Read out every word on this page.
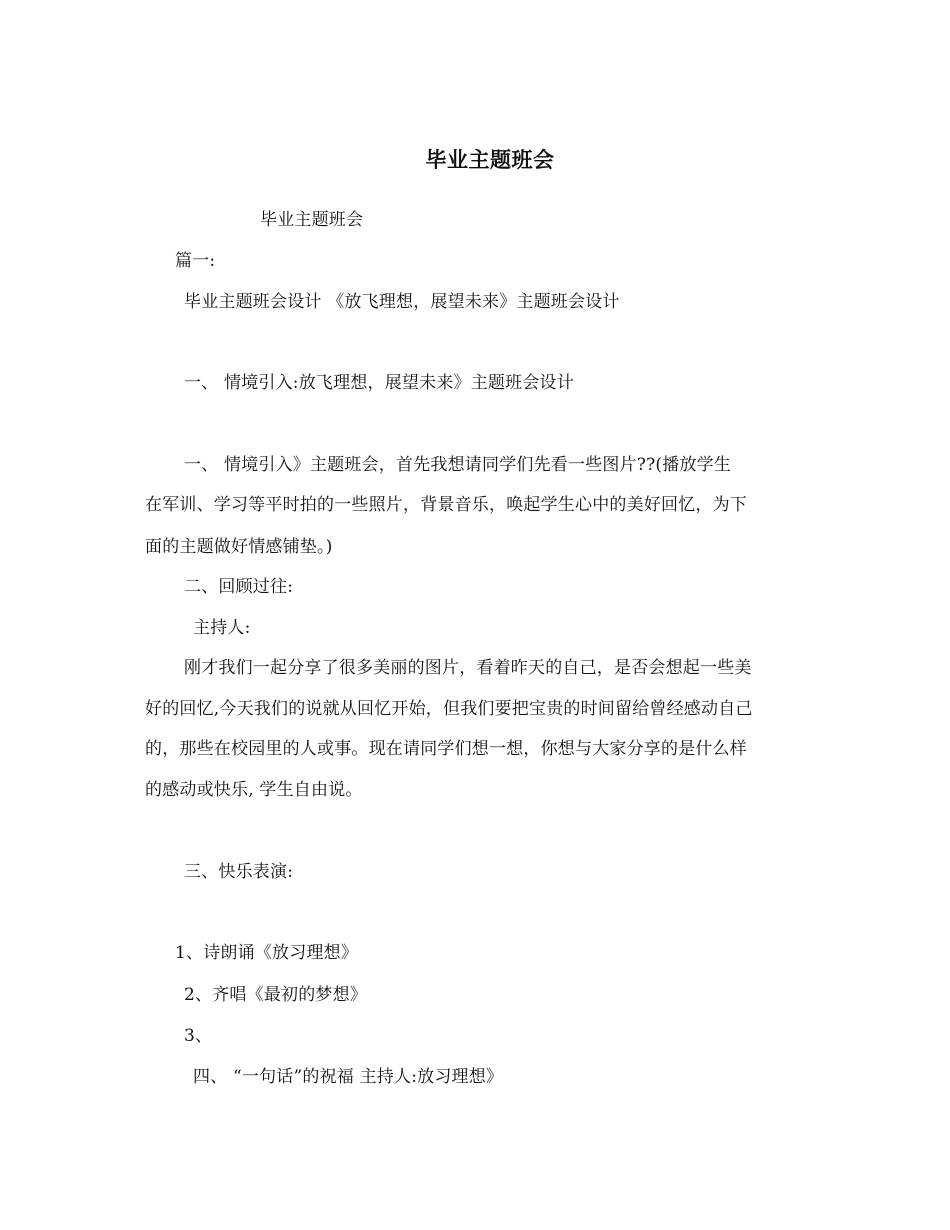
毕业主题班会
毕业主题班会
篇一:
毕业主题班会设计 《放飞理想，展望未来》主题班会设计
一、 情境引入:放飞理想，展望未来》主题班会设计
一、 情境引入》主题班会，首先我想请同学们先看一些图片??(播放学生
在军训、学习等平时拍的一些照片，背景音乐，唤起学生心中的美好回忆，为下
面的主题做好情感铺垫。)
二、回顾过往:
主持人:
刚才我们一起分享了很多美丽的图片，看着昨天的自己，是否会想起一些美
好的回忆,今天我们的说就从回忆开始，但我们要把宝贵的时间留给曾经感动自己
的，那些在校园里的人或事。现在请同学们想一想，你想与大家分享的是什么样
的感动或快乐, 学生自由说。
三、快乐表演:
1、诗朗诵《放习理想》
2、齐唱《最初的梦想》
3、
四、 “一句话”的祝福 主持人:放习理想》
